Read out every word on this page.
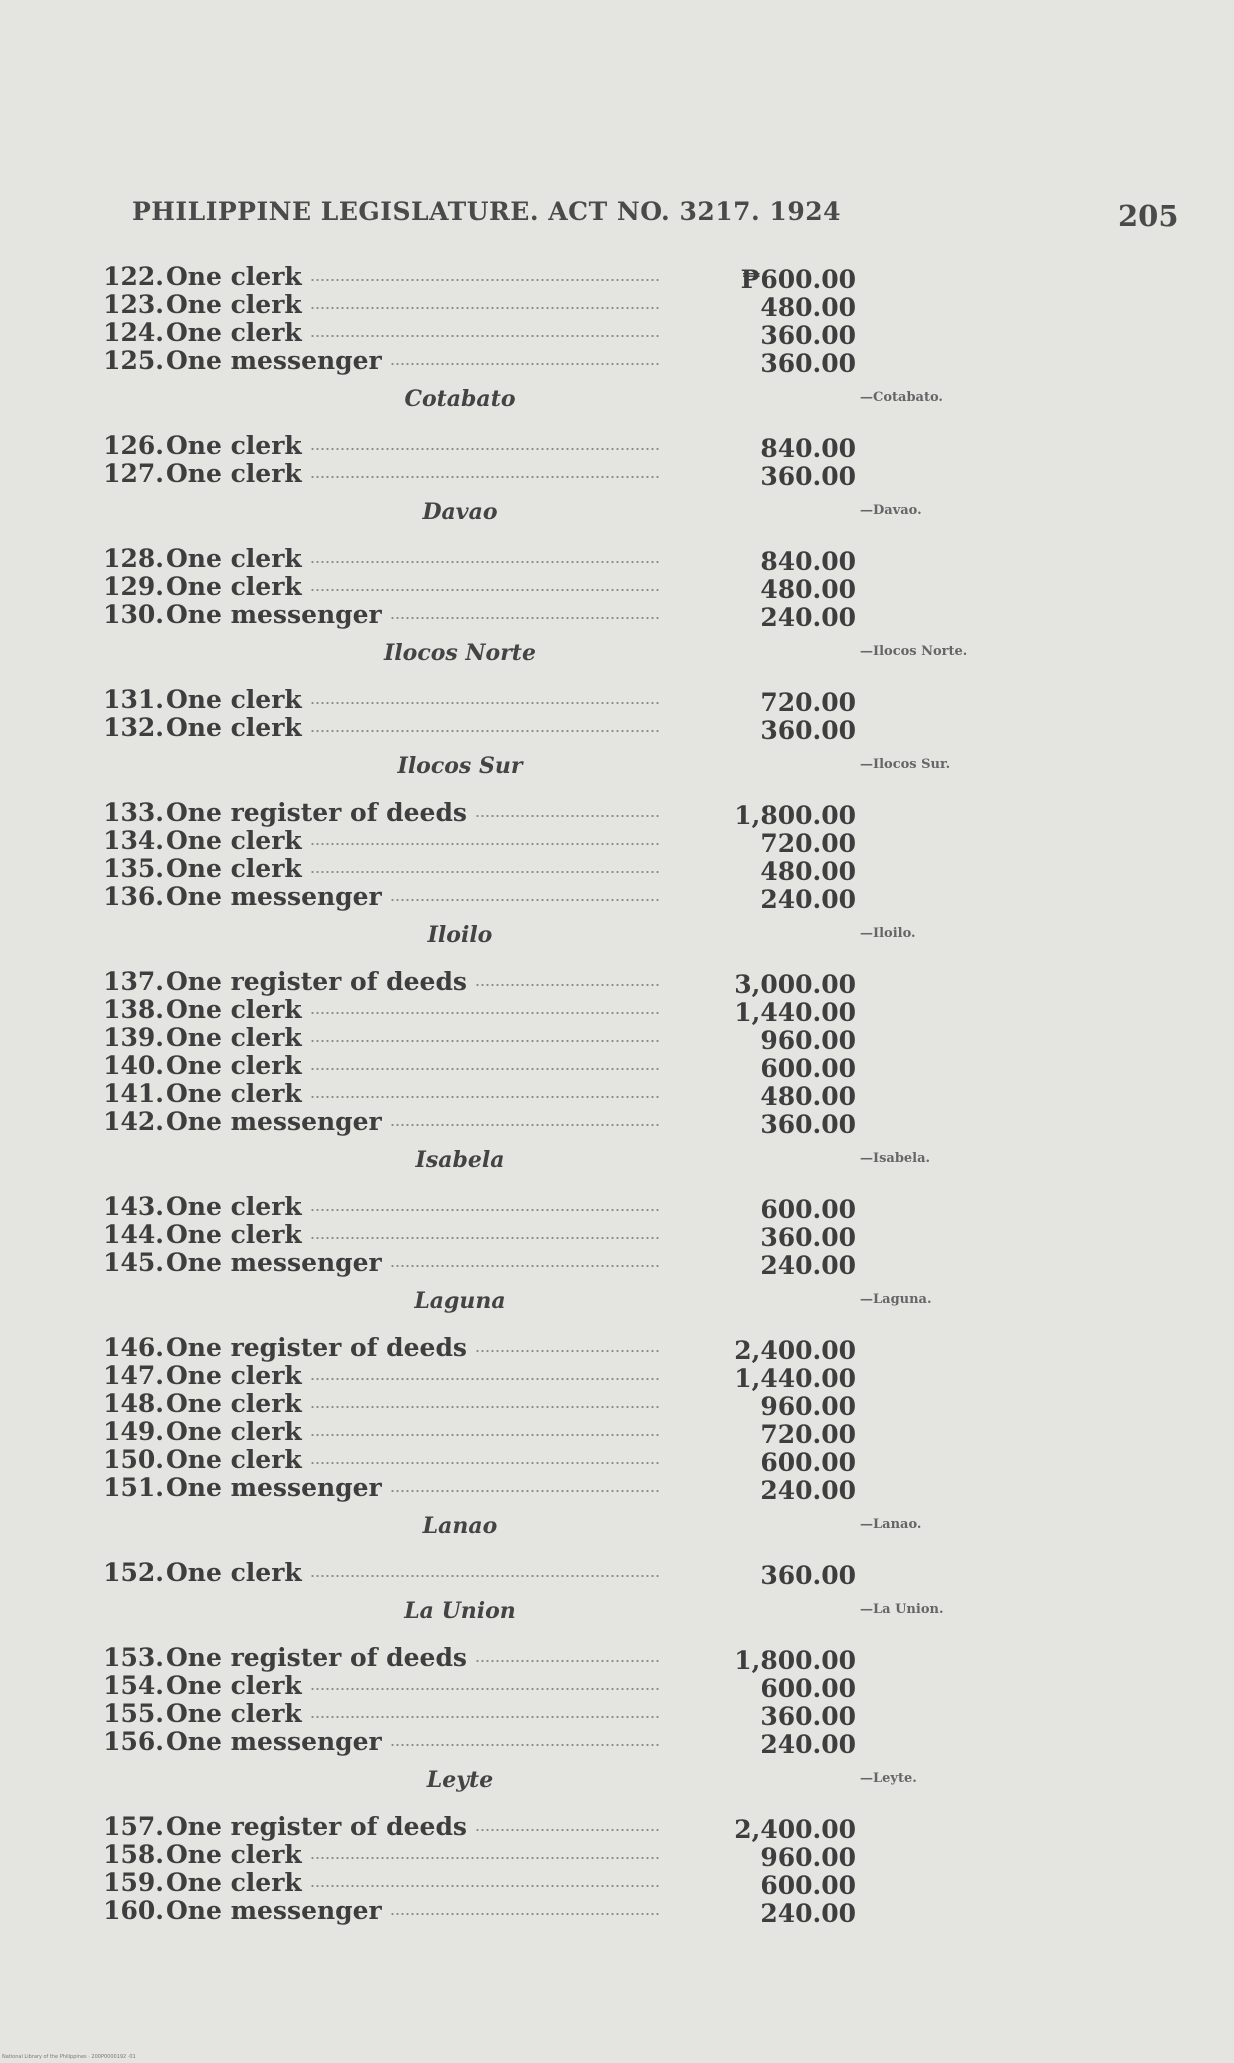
PHILIPPINE LEGISLATURE. ACT NO. 3217. 1924	205
122. One clerk	₱600.00
123. One clerk	480.00
124. One clerk	360.00
125. One messenger	360.00
Cotabato	—Cotabato.
126. One clerk	840.00
127. One clerk	360.00
Davao	—Davao.
128. One clerk	840.00
129. One clerk	480.00
130. One messenger	240.00
Ilocos Norte	—Ilocos Norte.
131. One clerk	720.00
132. One clerk	360.00
Ilocos Sur	—Ilocos Sur.
133. One register of deeds	1,800.00
134. One clerk	720.00
135. One clerk	480.00
136. One messenger	240.00
Iloilo	—Iloilo.
137. One register of deeds	3,000.00
138. One clerk	1,440.00
139. One clerk	960.00
140. One clerk	600.00
141. One clerk	480.00
142. One messenger	360.00
Isabela	—Isabela.
143. One clerk	600.00
144. One clerk	360.00
145. One messenger	240.00
Laguna	—Laguna.
146. One register of deeds	2,400.00
147. One clerk	1,440.00
148. One clerk	960.00
149. One clerk	720.00
150. One clerk	600.00
151. One messenger	240.00
Lanao	—Lanao.
152. One clerk	360.00
La Union	—La Union.
153. One register of deeds	1,800.00
154. One clerk	600.00
155. One clerk	360.00
156. One messenger	240.00
Leyte	—Leyte.
157. One register of deeds	2,400.00
158. One clerk	960.00
159. One clerk	600.00
160. One messenger	240.00
National Library of the Philippines · 200P0000192 ·01
